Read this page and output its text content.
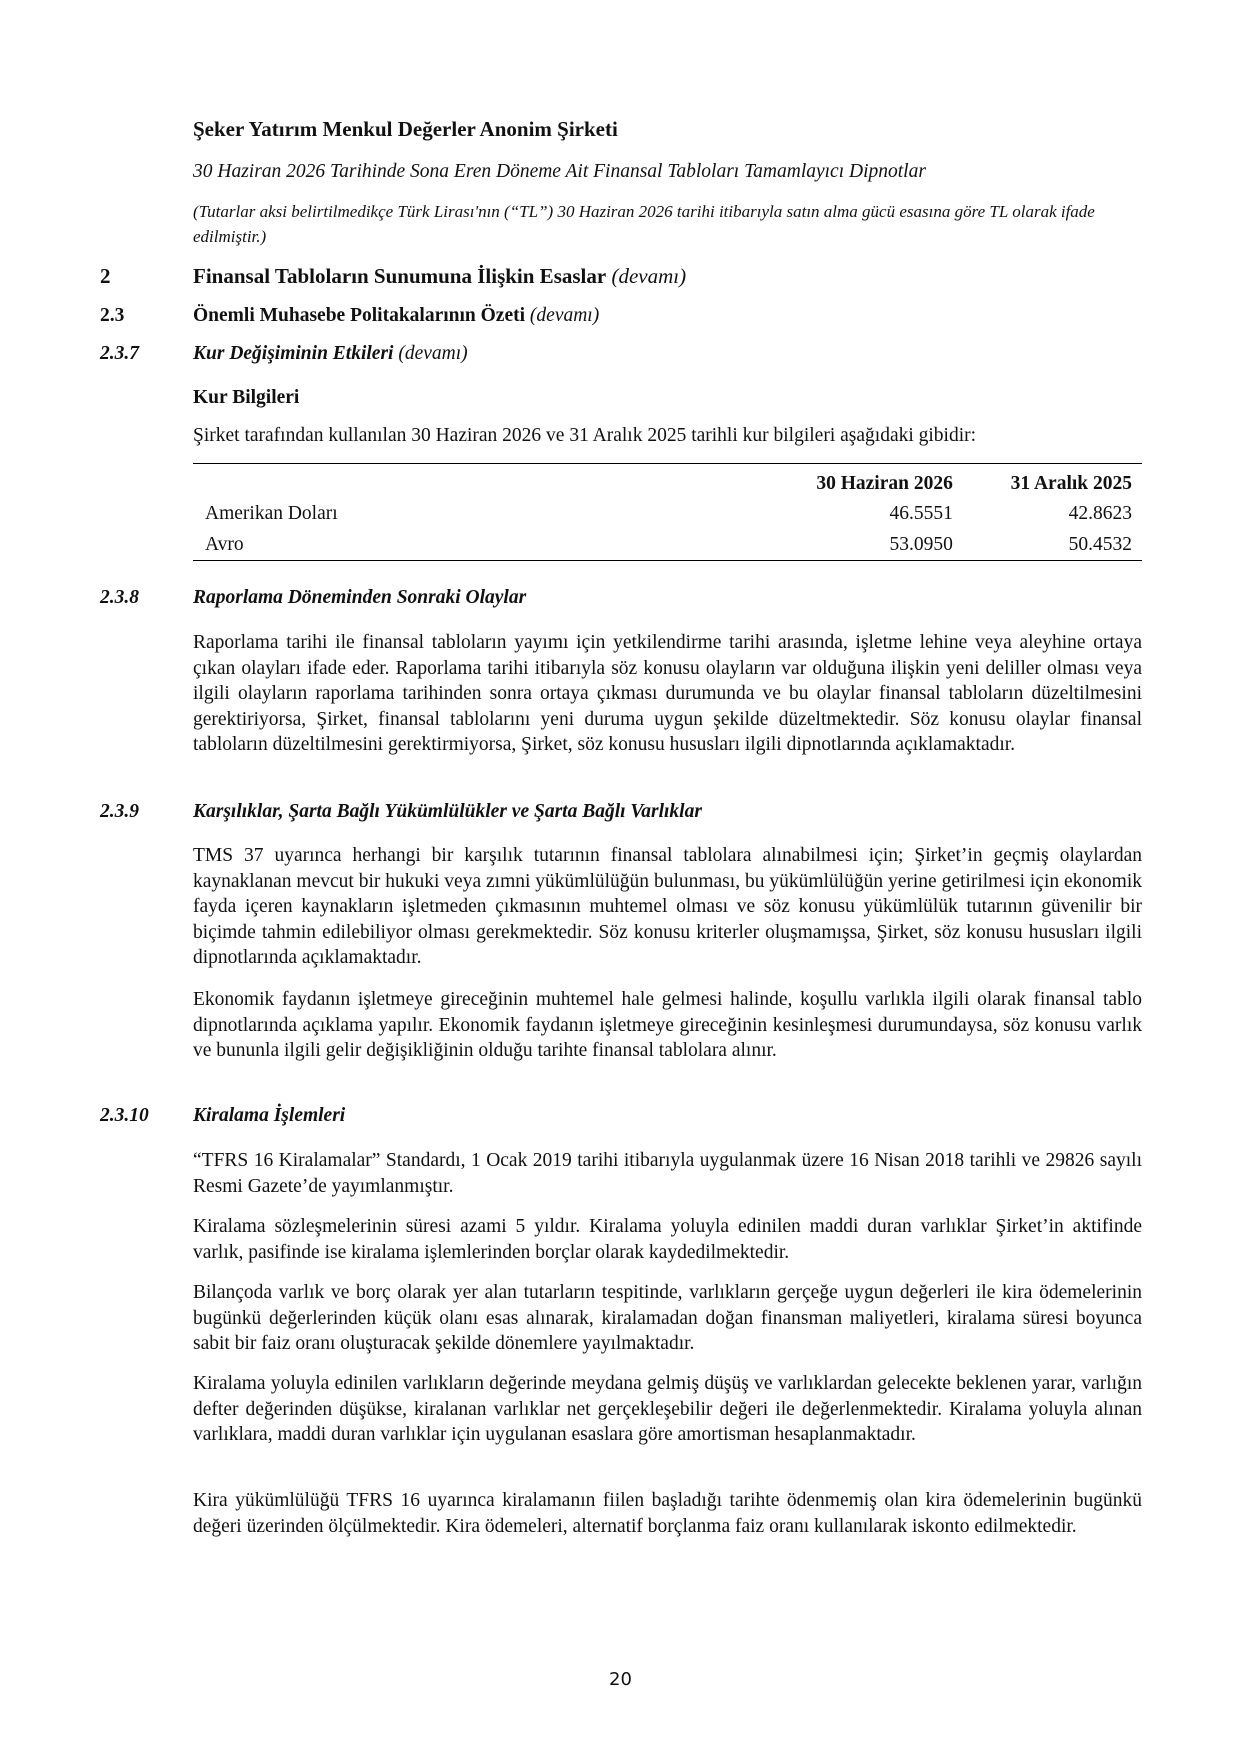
Şeker Yatırım Menkul Değerler Anonim Şirketi
30 Haziran 2026 Tarihinde Sona Eren Döneme Ait Finansal Tabloları Tamamlayıcı Dipnotlar
(Tutarlar aksi belirtilmedikçe Türk Lirası'nın (“TL”) 30 Haziran 2026 tarihi itibarıyla satın alma gücü esasına göre TL olarak ifade edilmiştir.)
2	Finansal Tabloların Sunumuna İlişkin Esaslar (devamı)
2.3	Önemli Muhasebe Politakalarının Özeti (devamı)
2.3.7	Kur Değişiminin Etkileri (devamı)
Kur Bilgileri
Şirket tarafından kullanılan 30 Haziran 2026 ve 31 Aralık 2025 tarihli kur bilgileri aşağıdaki gibidir:
	30 Haziran 2026	31 Aralık 2025
Amerikan Doları	46.5551	42.8623
Avro	53.0950	50.4532
2.3.8	Raporlama Döneminden Sonraki Olaylar

Raporlama tarihi ile finansal tabloların yayımı için yetkilendirme tarihi arasında, işletme lehine veya aleyhine ortaya çıkan olayları ifade eder. Raporlama tarihi itibarıyla söz konusu olayların var olduğuna ilişkin yeni deliller olması veya ilgili olayların raporlama tarihinden sonra ortaya çıkması durumunda ve bu olaylar finansal tabloların düzeltilmesini gerektiriyorsa, Şirket, finansal tablolarını yeni duruma uygun şekilde düzeltmektedir. Söz konusu olaylar finansal tabloların düzeltilmesini gerektirmiyorsa, Şirket, söz konusu hususları ilgili dipnotlarında açıklamaktadır.

2.3.9	Karşılıklar, Şarta Bağlı Yükümlülükler ve Şarta Bağlı Varlıklar

TMS 37 uyarınca herhangi bir karşılık tutarının finansal tablolara alınabilmesi için; Şirket’in geçmiş olaylardan kaynaklanan mevcut bir hukuki veya zımni yükümlülüğün bulunması, bu yükümlülüğün yerine getirilmesi için ekonomik fayda içeren kaynakların işletmeden çıkmasının muhtemel olması ve söz konusu yükümlülük tutarının güvenilir bir biçimde tahmin edilebiliyor olması gerekmektedir. Söz konusu kriterler oluşmamışsa, Şirket, söz konusu hususları ilgili dipnotlarında açıklamaktadır.

Ekonomik faydanın işletmeye gireceğinin muhtemel hale gelmesi halinde, koşullu varlıkla ilgili olarak finansal tablo dipnotlarında açıklama yapılır. Ekonomik faydanın işletmeye gireceğinin kesinleşmesi durumundaysa, söz konusu varlık ve bununla ilgili gelir değişikliğinin olduğu tarihte finansal tablolara alınır.

2.3.10 Kiralama İşlemleri

“TFRS 16 Kiralamalar” Standardı, 1 Ocak 2019 tarihi itibarıyla uygulanmak üzere 16 Nisan 2018 tarihli ve 29826 sayılı Resmi Gazete’de yayımlanmıştır.

Kiralama sözleşmelerinin süresi azami 5 yıldır. Kiralama yoluyla edinilen maddi duran varlıklar Şirket’in aktifinde varlık, pasifinde ise kiralama işlemlerinden borçlar olarak kaydedilmektedir.

Bilançoda varlık ve borç olarak yer alan tutarların tespitinde, varlıkların gerçeğe uygun değerleri ile kira ödemelerinin bugünkü değerlerinden küçük olanı esas alınarak, kiralamadan doğan finansman maliyetleri, kiralama süresi boyunca sabit bir faiz oranı oluşturacak şekilde dönemlere yayılmaktadır.

Kiralama yoluyla edinilen varlıkların değerinde meydana gelmiş düşüş ve varlıklardan gelecekte beklenen yarar, varlığın defter değerinden düşükse, kiralanan varlıklar net gerçekleşebilir değeri ile değerlenmektedir. Kiralama yoluyla alınan varlıklara, maddi duran varlıklar için uygulanan esaslara göre amortisman hesaplanmaktadır.

Kira yükümlülüğü TFRS 16 uyarınca kiralamanın fiilen başladığı tarihte ödenmemiş olan kira ödemelerinin bugünkü değeri üzerinden ölçülmektedir. Kira ödemeleri, alternatif borçlanma faiz oranı kullanılarak iskonto edilmektedir.

20
